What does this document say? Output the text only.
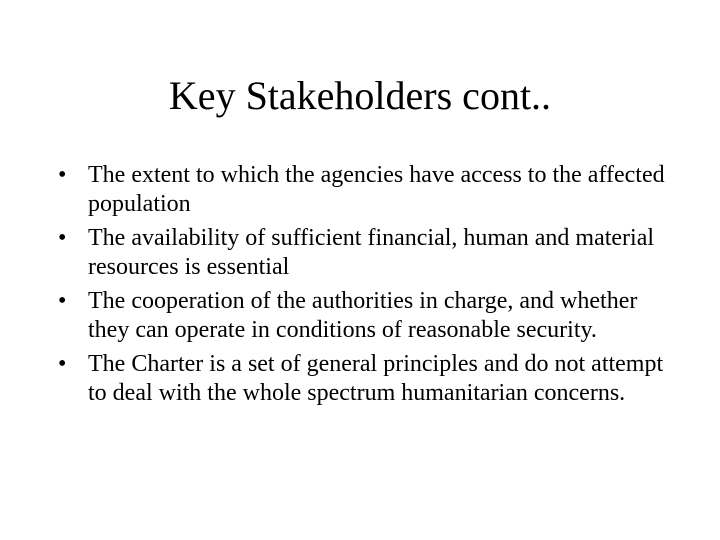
Key Stakeholders cont..
• The extent to which the agencies have access to the affected population
• The availability of sufficient financial, human and material resources is essential
• The cooperation of the authorities in charge, and whether they can operate in conditions of reasonable security.
• The Charter is a set of general principles and do not attempt to deal with the whole spectrum humanitarian concerns.
